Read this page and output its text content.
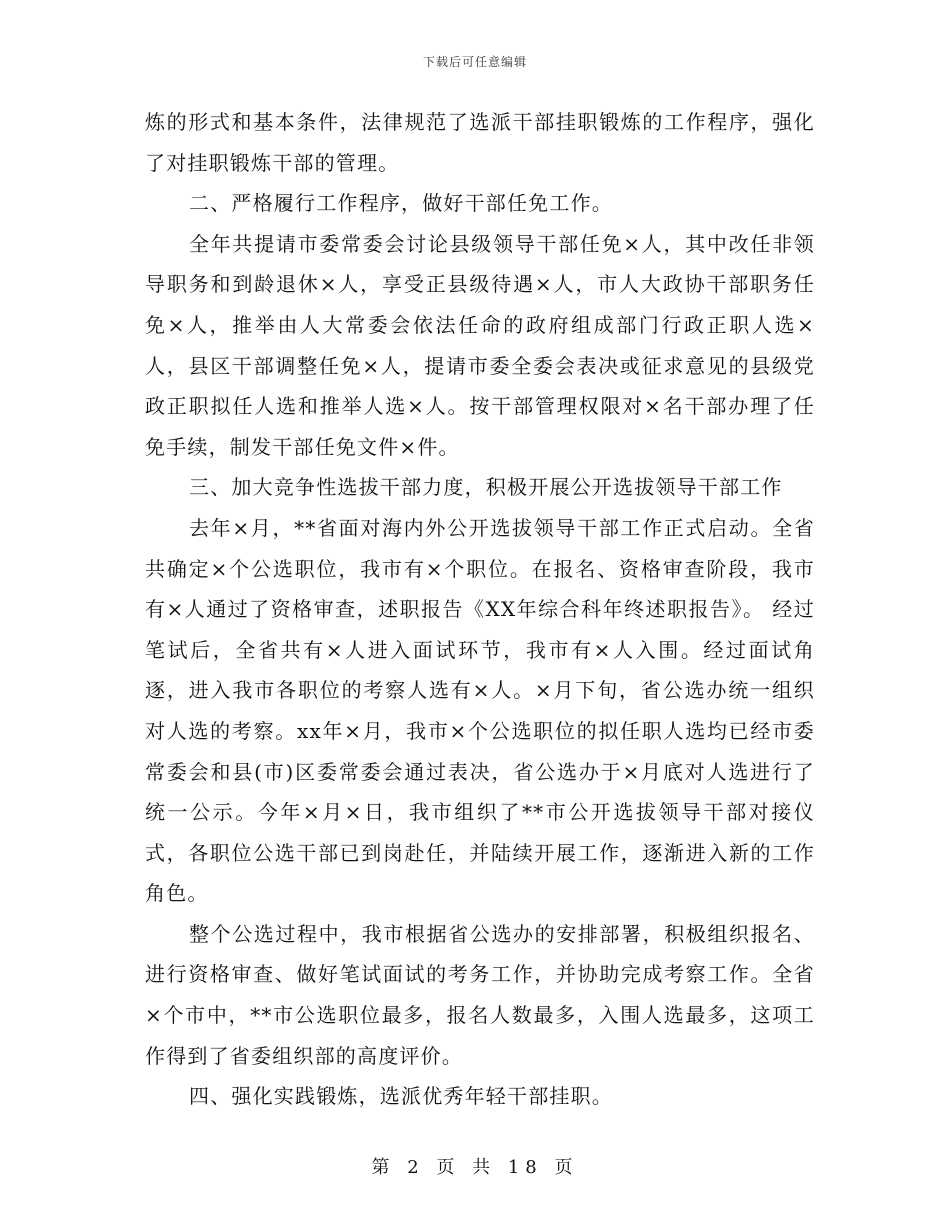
下载后可任意编辑

炼的形式和基本条件，法律规范了选派干部挂职锻炼的工作程序，强化了对挂职锻炼干部的管理。

二、严格履行工作程序，做好干部任免工作。

全年共提请市委常委会讨论县级领导干部任免×人，其中改任非领导职务和到龄退休×人，享受正县级待遇×人，市人大政协干部职务任免×人，推举由人大常委会依法任命的政府组成部门行政正职人选×人，县区干部调整任免×人，提请市委全委会表决或征求意见的县级党政正职拟任人选和推举人选×人。按干部管理权限对×名干部办理了任免手续，制发干部任免文件×件。

三、加大竞争性选拔干部力度，积极开展公开选拔领导干部工作

去年×月，**省面对海内外公开选拔领导干部工作正式启动。全省共确定×个公选职位，我市有×个职位。在报名、资格审查阶段，我市有×人通过了资格审查，述职报告《XX年综合科年终述职报告》。 经过笔试后，全省共有×人进入面试环节，我市有×人入围。经过面试角逐，进入我市各职位的考察人选有×人。×月下旬，省公选办统一组织对人选的考察。xx年×月，我市×个公选职位的拟任职人选均已经市委常委会和县(市)区委常委会通过表决，省公选办于×月底对人选进行了统一公示。今年×月×日，我市组织了**市公开选拔领导干部对接仪式，各职位公选干部已到岗赴任，并陆续开展工作，逐渐进入新的工作角色。

整个公选过程中，我市根据省公选办的安排部署，积极组织报名、进行资格审查、做好笔试面试的考务工作，并协助完成考察工作。全省×个市中，**市公选职位最多，报名人数最多，入围人选最多，这项工作得到了省委组织部的高度评价。

四、强化实践锻炼，选派优秀年轻干部挂职。

第 2 页 共 18 页
